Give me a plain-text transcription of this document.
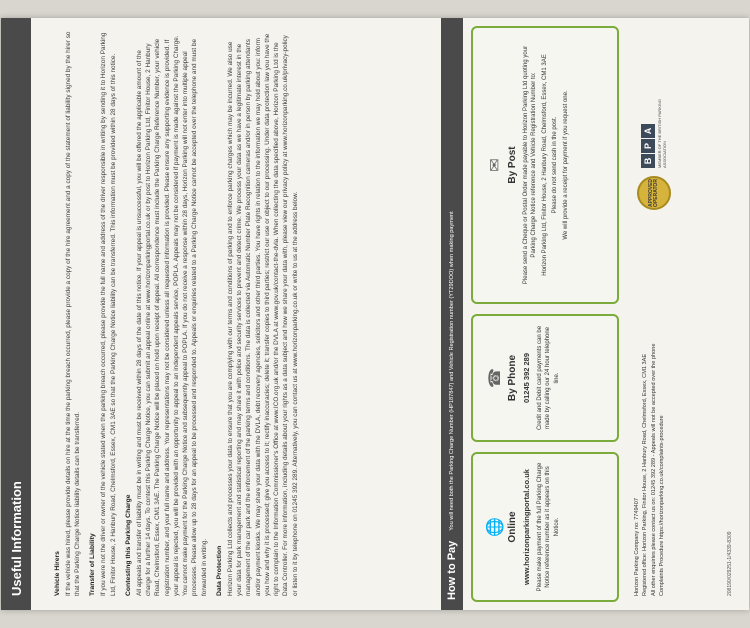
Useful Information	Vehicle Hirers If the vehicle was hired, please provide details on hire at the time the parking breach occurred, please provide a copy of the hire agreement and a copy of the statement of liability signed by the hirer so that the Parking Charge Notice liability details can be transferred. Transfer of Liability If you were not the driver or owner of the vehicle stated when the parking breach occurred, please provide the full name and address of the driver responsible in writing by sending it to Horizon Parking Ltd, Finitor House, 2 Hanbury Road, Chelmsford, Essex, CM1 3AE so that the Parking Charge Notice liability can be transferred. This information must be provided within 28 days of this notice. Contesting this Parking Charge All appeals and transfer of liability must be in writing and must be received within 28 days of the date of this notice. If your appeal is unsuccessful, you will be offered the applicable amount of the charge for a further 14 days. To contest this Parking Charge Notice, you can submit an appeal online at www.horizonparkingportal.co.uk or by post to Horizon Parking Ltd, Finitor House, 2 Hanbury Road, Chelmsford, Essex, CM1 3AE. The Parking Charge Notice will be placed on hold upon receipt of appeal. All correspondence must include the Parking Charge Reference Number, your vehicle registration number, and your full name and address. Your representations may not be considered unless all requested information is provided. Please ensure any supporting evidence is provided. If your appeal is rejected, you will be provided with an opportunity to appeal to an independent appeals service, POPLA. Appeals may not be considered if payment is made against the Parking Charge. You cannot make payment for the Parking Charge Notice and subsequently appeal to POPLA. If you do not receive a response within 28 days, Horizon Parking will not enter into multiple appeal processes. Please allow up to 28 days for an appeal to be processed and responded to. Appeals or enquiries related to a Parking Charge Notice cannot be accepted over the telephone and must be forwarded in writing. Data Protection Horizon Parking Ltd collects and processes your data to ensure that you are complying with our terms and conditions of parking and to enforce parking charges which may be incurred. We also use your data for park management and statistical reporting and may share it with police and security services to prevent and detect crime. We process your data as we have a legitimate interest in the management of the car park and the enforcement of the parking terms and conditions. The data is collected via Automatic Number Plate Recognition cameras and/or in person by parking attendants and/or payment kiosks. We may share your data with the DVLA, debt recovery agencies, solicitors and other third parties. You have rights in relation to the information we may hold about you: inform you how and why it is processed; give you access to it; rectify inaccuracies; delete it; transfer copies to third parties; restrict our use or object to our processing. Under data protection law you have the right to complain to the Information Commissioner's Office at www.ICO.org.uk and/or the DVLA at www.gov.uk/contact-the-dvla. When collecting the data specified above, Horizon Parking Ltd is the Data Controller. For more information, including details about your rights as a data subject and how we share your data with, please view our privacy policy at www.horizonparking.co.uk/privacy-policy or listen to it by telephone on 01245 392 289. Alternatively, you can contact us at www.horizonparking.co.uk or write to us at the address below.	How to Pay
You will need both the Parking Charge Number (HP187847) and Vehicle Registration number (YT29DOO) when making payment 🌐 Online www.horizonparkingportal.co.uk Please make payment of the full Parking Charge Notice reference number as it appears on this Notice.

☎ By Phone 01245 392 289 Credit and Debit card payments can be made by calling our 24 hour telephone line.

✉ By Post Please send a Cheque or Postal Order made payable to Horizon Parking Ltd quoting your Parking Charge Notice reference and Vehicle Registration Number to: Horizon Parking Ltd, Finitor House, 2 Hanbury Road, Chelmsford, Essex, CM1 3AE Please do not send cash in the post. We will provide a receipt for payment if you request one.

Horizon Parking Company no: 7749407 Registered office: Horizon Parking, Finitor House, 2 Hanbury Road, Chelmsford, Essex, CM1 3AE All other enquiries please contact us on: 01245 392 289 - Appeals will not be accepted over the phone Complaints Procedure https://horizonparking.co.uk/complaints-procedure

APPROVED OPERATOR
B
P
A	MEMBER OF THE BRITISH PARKING ASSOCIATION
208190/029251-1/4339-8309
